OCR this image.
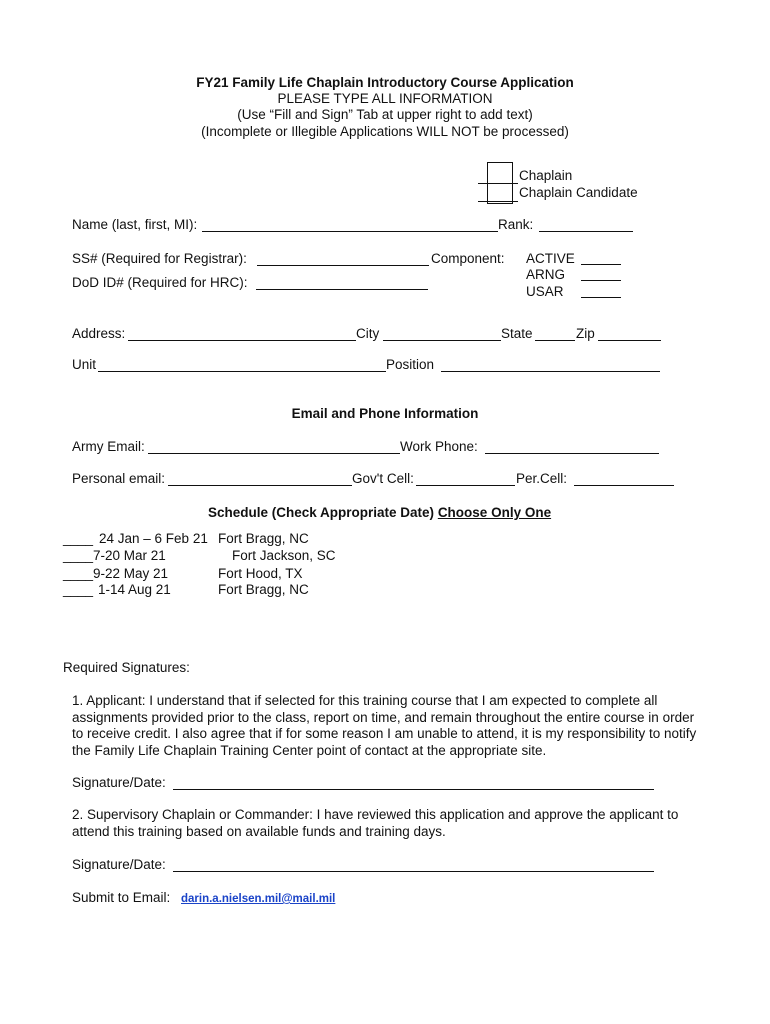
FY21 Family Life Chaplain Introductory Course Application
PLEASE TYPE ALL INFORMATION
(Use “Fill and Sign” Tab at upper right to add text)
(Incomplete or Illegible Applications WILL NOT be processed)
Chaplain
Chaplain Candidate
Name (last, first, MI):	Rank:
SS# (Required for Registrar):	Component: ACTIVE
ARNG
USAR
DoD ID# (Required for HRC):
Address:	City	State	Zip
Unit	Position
Email and Phone Information
Army Email:	Work Phone:
Personal email:	Gov't Cell:	Per.Cell:
Schedule (Check Appropriate Date) Choose Only One
____ 24 Jan – 6 Feb 21 Fort Bragg, NC
____ 7-20 Mar 21	Fort Jackson, SC
____ 9-22 May 21	Fort Hood, TX
____ 1-14 Aug 21	Fort Bragg, NC
Required Signatures:
1. Applicant: I understand that if selected for this training course that I am expected to complete all assignments provided prior to the class, report on time, and remain throughout the entire course in order to receive credit. I also agree that if for some reason I am unable to attend, it is my responsibility to notify the Family Life Chaplain Training Center point of contact at the appropriate site.
Signature/Date:
2. Supervisory Chaplain or Commander: I have reviewed this application and approve the applicant to attend this training based on available funds and training days.
Signature/Date:
Submit to Email: darin.a.nielsen.mil@mail.mil
